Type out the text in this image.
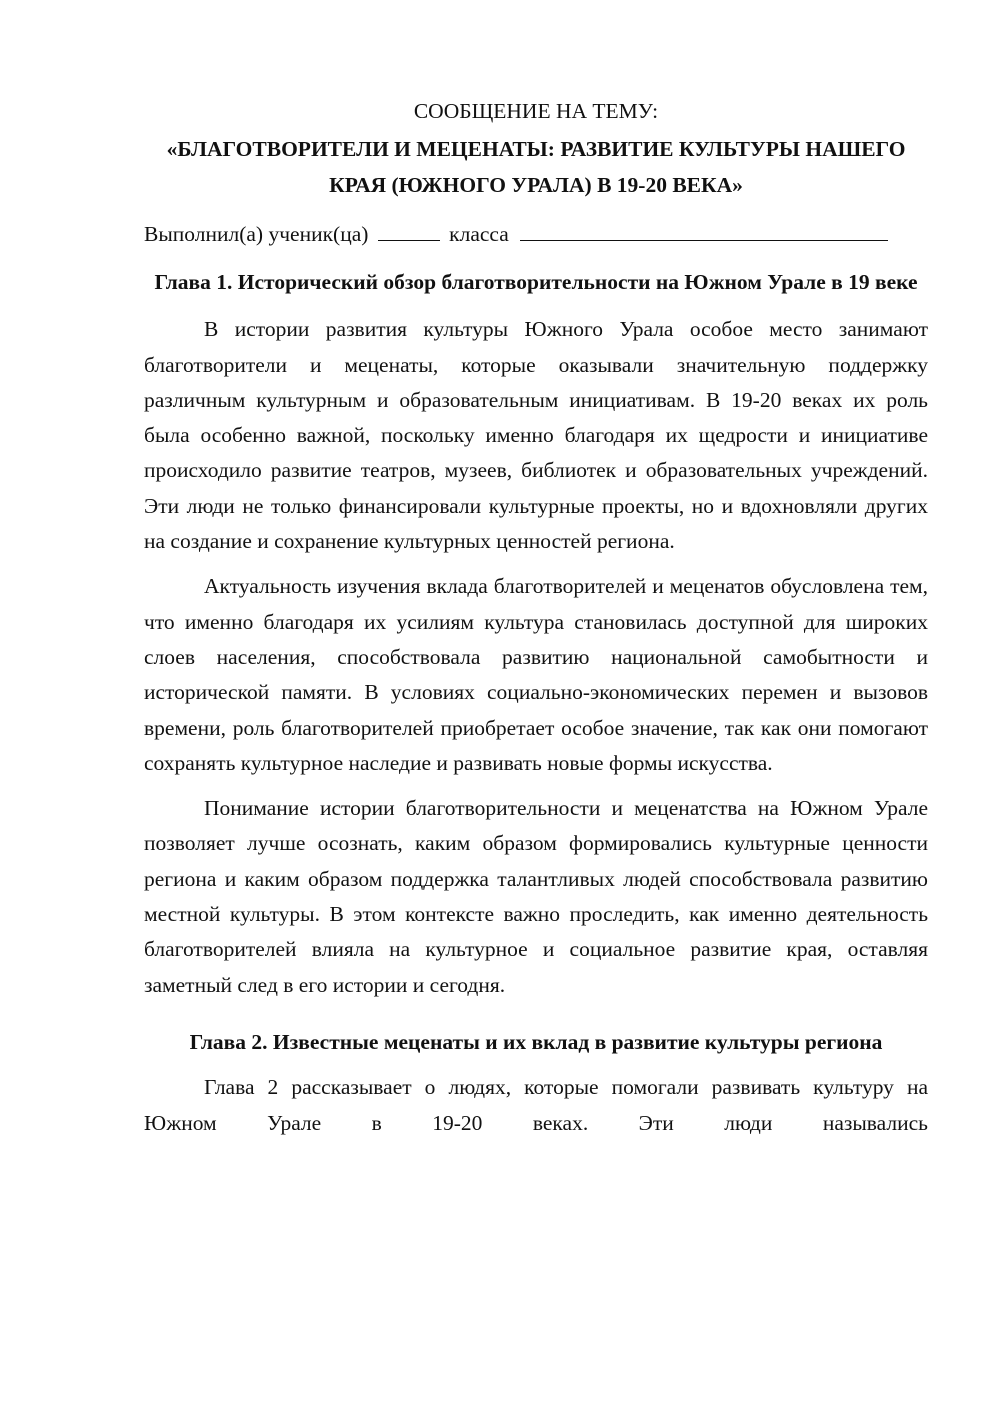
СООБЩЕНИЕ НА ТЕМУ:

«БЛАГОТВОРИТЕЛИ И МЕЦЕНАТЫ: РАЗВИТИЕ КУЛЬТУРЫ НАШЕГО КРАЯ (ЮЖНОГО УРАЛА) В 19-20 ВЕКА»

Выполнил(а) ученик(ца)	класса

Глава 1. Исторический обзор благотворительности на Южном Урале в 19 веке

В истории развития культуры Южного Урала особое место занимают благотворители и меценаты, которые оказывали значительную поддержку различным культурным и образовательным инициативам. В 19-20 веках их роль была особенно важной, поскольку именно благодаря их щедрости и инициативе происходило развитие театров, музеев, библиотек и образовательных учреждений. Эти люди не только финансировали культурные проекты, но и вдохновляли других на создание и сохранение культурных ценностей региона.

Актуальность изучения вклада благотворителей и меценатов обусловлена тем, что именно благодаря их усилиям культура становилась доступной для широких слоев населения, способствовала развитию национальной самобытности и исторической памяти. В условиях социально-экономических перемен и вызовов времени, роль благотворителей приобретает особое значение, так как они помогают сохранять культурное наследие и развивать новые формы искусства.

Понимание истории благотворительности и меценатства на Южном Урале позволяет лучше осознать, каким образом формировались культурные ценности региона и каким образом поддержка талантливых людей способствовала развитию местной культуры. В этом контексте важно проследить, как именно деятельность благотворителей влияла на культурное и социальное развитие края, оставляя заметный след в его истории и сегодня.

Глава 2. Известные меценаты и их вклад в развитие культуры региона

Глава 2 рассказывает о людях, которые помогали развивать культуру на Южном Урале в 19-20 веках. Эти люди назывались
